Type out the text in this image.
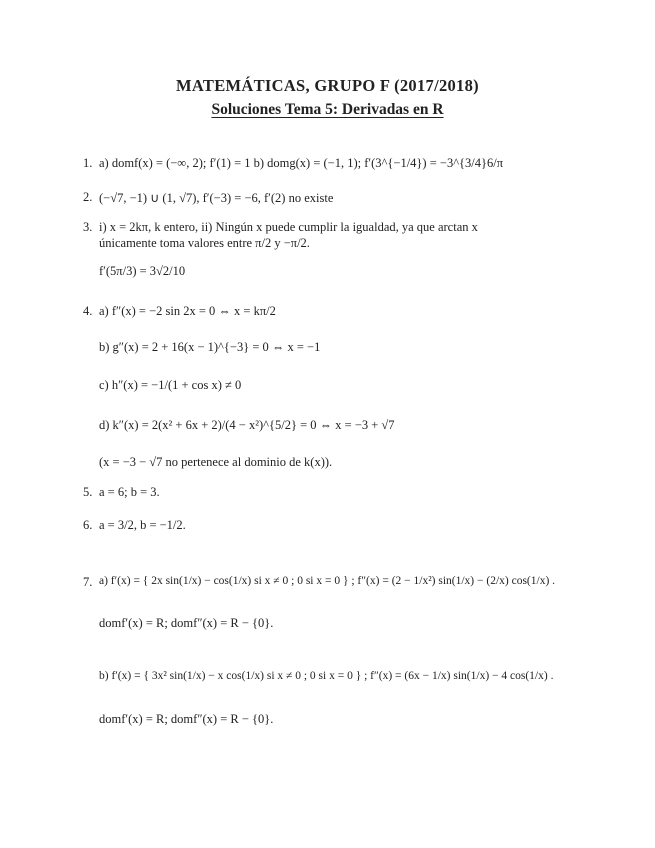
MATEMÁTICAS, GRUPO F (2017/2018)
Soluciones Tema 5: Derivadas en R
1. a) domf(x) = (−∞, 2); f′(1) = 1 b) domg(x) = (−1, 1); f′(3^{−1/4}) = −3^{3/4}6/π
2. (−√7, −1) ∪ (1, √7), f′(−3) = −6, f′(2) no existe
3. i) x = 2kπ, k entero, ii) Ningún x puede cumplir la igualdad, ya que arctan x
únicamente toma valores entre π/2 y −π/2.
f′(5π/3) = 3√2/10
4. a) f″(x) = −2 sin 2x = 0 ⇔ x = kπ/2
b) g″(x) = 2 + 16(x − 1)^{−3} = 0 ⇔ x = −1
c) h″(x) = −1/(1 + cos x) ≠ 0
d) k″(x) = 2(x² + 6x + 2)/(4 − x²)^{5/2} = 0 ⇔ x = −3 + √7
(x = −3 − √7 no pertenece al dominio de k(x)).
5. a = 6; b = 3.
6. a = 3/2, b = −1/2.
7. a) f′(x) = { 2x sin(1/x) − cos(1/x) si x ≠ 0 ; 0 si x = 0 } ; f″(x) = (2 − 1/x²) sin(1/x) − (2/x) cos(1/x) .
domf′(x) = R; domf″(x) = R − {0}.
b) f′(x) = { 3x² sin(1/x) − x cos(1/x) si x ≠ 0 ; 0 si x = 0 } ; f″(x) = (6x − 1/x) sin(1/x) − 4 cos(1/x) .
domf′(x) = R; domf″(x) = R − {0}.
